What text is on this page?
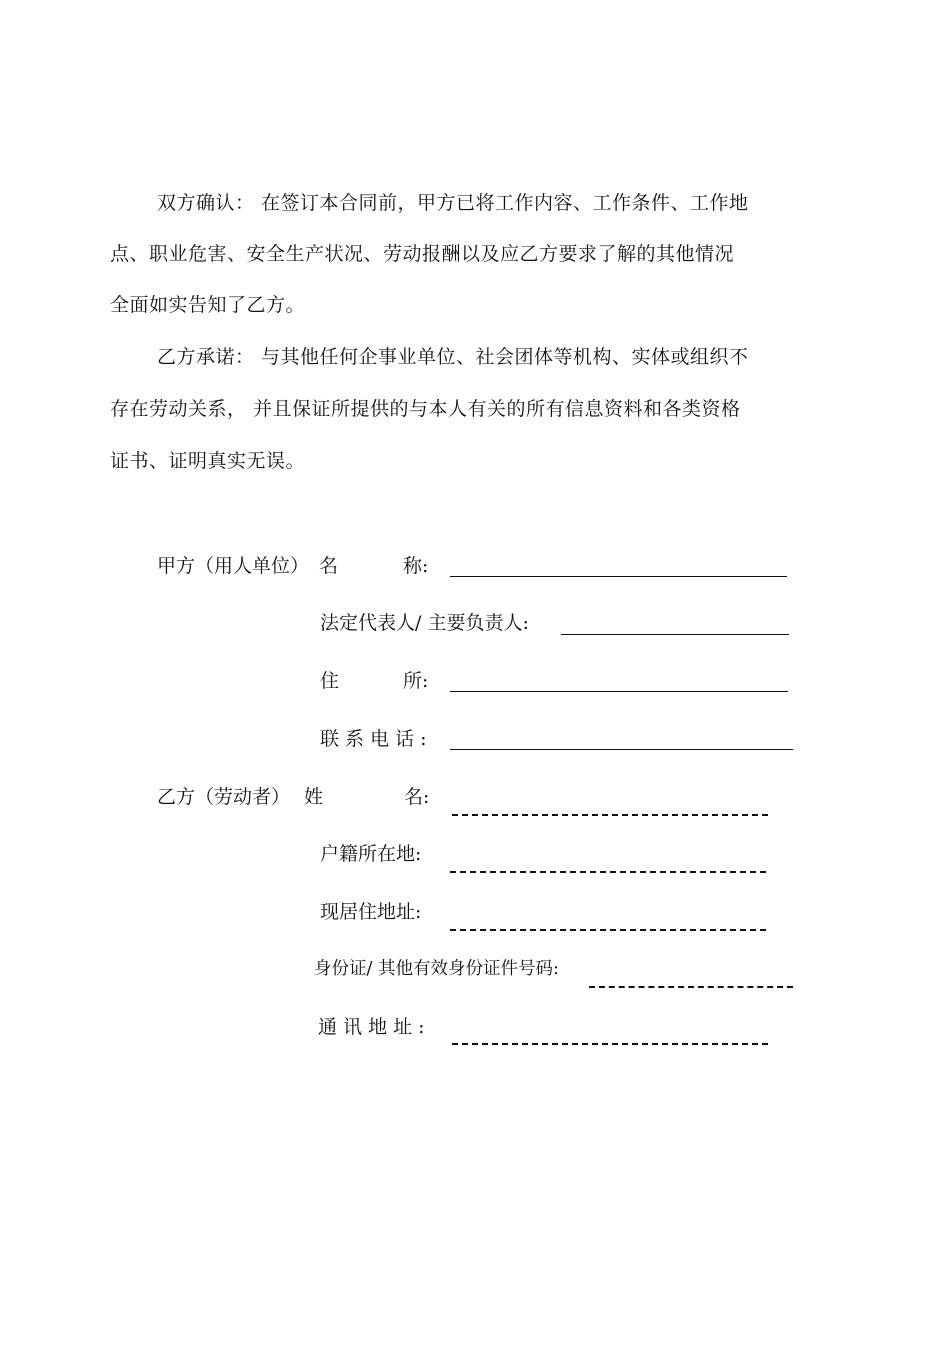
双方确认： 在签订本合同前，甲方已将工作内容、工作条件、工作地
点、职业危害、安全生产状况、劳动报酬以及应乙方要求了解的其他情况
全面如实告知了乙方。
乙方承诺： 与其他任何企事业单位、社会团体等机构、实体或组织不
存在劳动关系， 并且保证所提供的与本人有关的所有信息资料和各类资格
证书、证明真实无误。
甲方（用人单位） 名	称:
法定代表人/ 主要负责人:
住	所:
联 系 电 话 :
乙方（劳动者） 姓	名:
户籍所在地:
现居住地址:
身份证/ 其他有效身份证件号码:
通 讯 地 址 :
